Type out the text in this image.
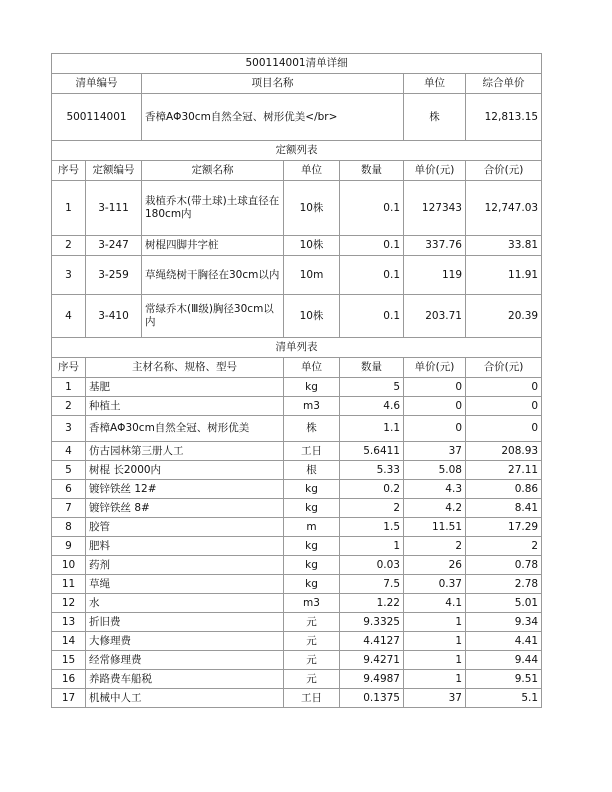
500114001清单详细						
清单编号		项目名称			单位	综合单价
500114001		香樟AΦ30cm自然全冠、树形优美</br>			株	12,813.15
定额列表						
序号	定额编号	定额名称	单位	数量	单价(元)	合价(元)
1	3-111	栽植乔木(带土球)土球直径在180cm内	10株	0.1	127343	12,747.03
2	3-247	树棍四脚井字桩	10株	0.1	337.76	33.81
3	3-259	草绳绕树干胸径在30cm以内	10m	0.1	119	11.91
4	3-410	常绿乔木(Ⅲ级)胸径30cm以内	10株	0.1	203.71	20.39
清单列表						
序号	主材名称、规格、型号		单位	数量	单价(元)	合价(元)
1	基肥		kg	5	0	0
2	种植土		m3	4.6	0	0
3	香樟AΦ30cm自然全冠、树形优美		株	1.1	0	0
4	仿古园林第三册人工		工日	5.6411	37	208.93
5	树棍 长2000内		根	5.33	5.08	27.11
6	镀锌铁丝 12#		kg	0.2	4.3	0.86
7	镀锌铁丝 8#		kg	2	4.2	8.41
8	胶管		m	1.5	11.51	17.29
9	肥料		kg	1	2	2
10	药剂		kg	0.03	26	0.78
11	草绳		kg	7.5	0.37	2.78
12	水		m3	1.22	4.1	5.01
13	折旧费		元	9.3325	1	9.34
14	大修理费		元	4.4127	1	4.41
15	经常修理费		元	9.4271	1	9.44
16	养路费车船税		元	9.4987	1	9.51
17	机械中人工		工日	0.1375	37	5.1
